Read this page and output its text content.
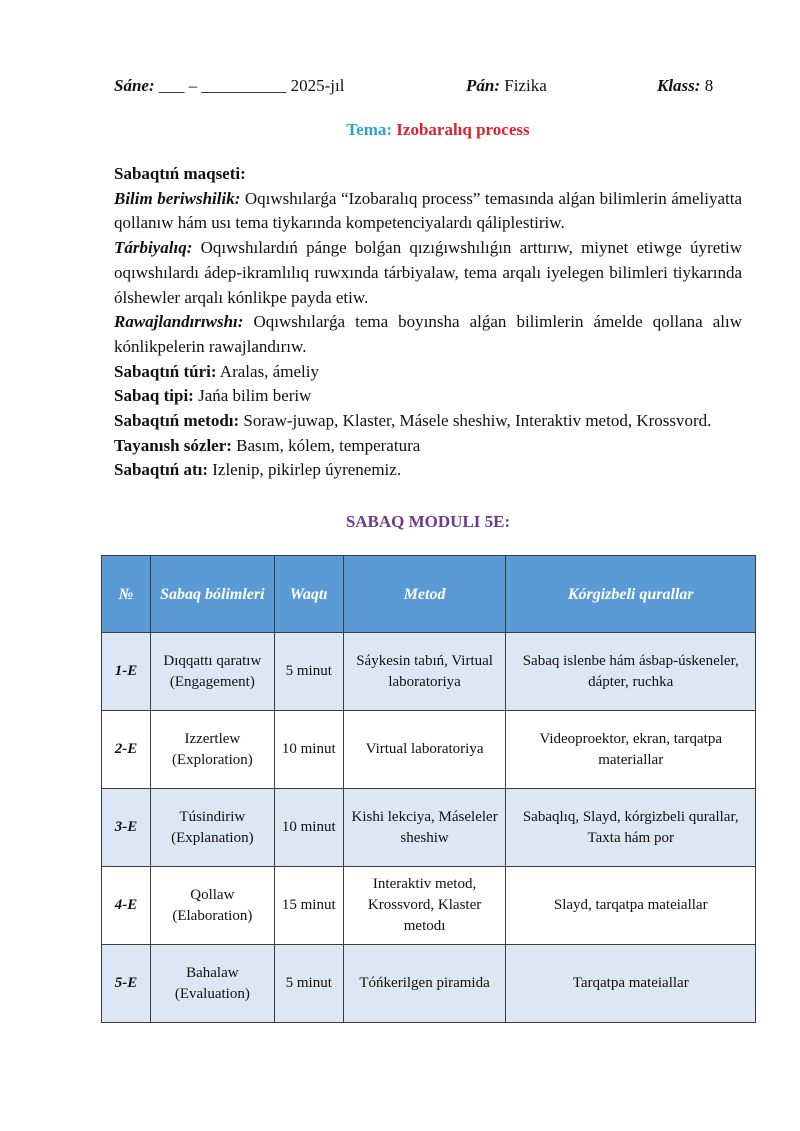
Sáne: ___ – __________ 2025-jıl	Pán: Fizika	Klass: 8
Tema: Izobaralıq process

Sabaqtıń maqseti:

Bilim beriwshilik: Oqıwshılarǵa “Izobaralıq process” temasında alǵan bilimlerin ámeliyatta qollanıw hám usı tema tiykarında kompetenciyalardı qáliplestiriw.

Tárbiyalıq: Oqıwshılardıń pánge bolǵan qızıǵıwshılıǵın arttırıw, miynet etiwge úyretiw oqıwshılardı ádep-ikramlılıq ruwxında tárbiyalaw, tema arqalı iyelegen bilimleri tiykarında ólshewler arqalı kónlikpe payda etiw.

Rawajlandırıwshı: Oqıwshılarǵa tema boyınsha alǵan bilimlerin ámelde qollana alıw kónlikpelerin rawajlandırıw.

Sabaqtıń túri: Aralas, ámeliy

Sabaq tipi: Jańa bilim beriw

Sabaqtıń metodı: Soraw-juwap, Klaster, Másele sheshiw, Interaktiv metod, Krossvord.

Tayanısh sózler: Basım, kólem, temperatura

Sabaqtıń atı: Izlenip, pikirlep úyrenemiz.

SABAQ MODULI 5E:
№	Sabaq bólimleri	Waqtı	Metod	Kórgizbeli qurallar
1-E	Dıqqattı qaratıw (Engagement)	5 minut	Sáykesin tabıń, Virtual laboratoriya	Sabaq islenbe hám ásbap-úskeneler, dápter, ruchka
2-E	Izzertlew (Exploration)	10 minut	Virtual laboratoriya	Videoproektor, ekran, tarqatpa materiallar
3-E	Túsindiriw (Explanation)	10 minut	Kishi lekciya, Máseleler sheshiw	Sabaqlıq, Slayd, kórgizbeli qurallar, Taxta hám por
4-E	Qollaw (Elaboration)	15 minut	Interaktiv metod, Krossvord, Klaster metodı	Slayd, tarqatpa mateiallar
5-E	Bahalaw (Evaluation)	5 minut	Tóńkerilgen piramida	Tarqatpa mateiallar
